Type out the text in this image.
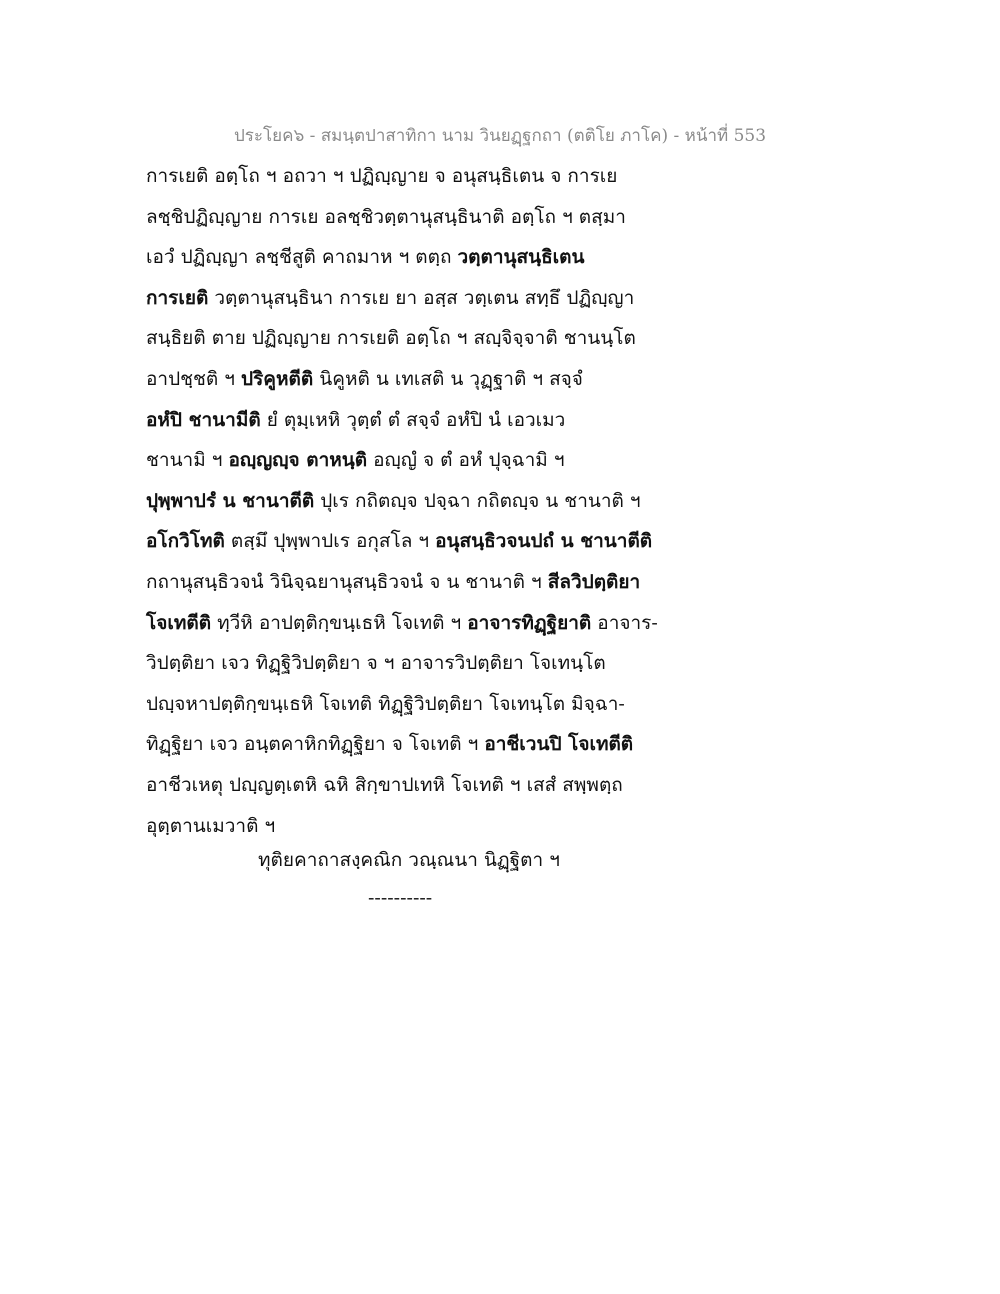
ประโยค๖ - สมนฺตปาสาทิกา นาม วินยฏฺฐกถา (ตติโย ภาโค) - หน้าที่ 553
การเยติ อตฺโถ ฯ อถวา ฯ ปฏิญฺญาย จ อนุสนฺธิเตน จ การเย
ลชฺชิปฏิญฺญาย การเย อลชฺชิวตฺตานุสนฺธินาติ อตฺโถ ฯ ตสฺมา
เอวํ ปฏิญฺญา ลชฺชีสูติ คาถมาห ฯ ตตฺถ วตฺตานุสนฺธิเตน
การเยติ วตฺตานุสนฺธินา การเย ยา อสฺส วตฺเตน สทฺธึ ปฏิญฺญา
สนฺธิยติ ตาย ปฏิญฺญาย การเยติ อตฺโถ ฯ สญฺจิจฺจาติ ชานนฺโต
อาปชฺชติ ฯ ปริคูหตีติ นิคูหติ น เทเสติ น วุฏฺฐาติ ฯ สจฺจํ
อหํปิ ชานามีติ ยํ ตุมฺเหหิ วุตฺตํ ตํ สจฺจํ อหํปิ นํ เอวเมว
ชานามิ ฯ อญฺญญฺจ ตาหนฺติ อญฺญํ จ ตํ อหํ ปุจฺฉามิ ฯ
ปุพฺพาปรํ น ชานาตีติ ปุเร กถิตญฺจ ปจฺฉา กถิตญฺจ น ชานาติ ฯ
อโกวิโทติ ตสฺมึ ปุพฺพาปเร อกุสโล ฯ อนุสนฺธิวจนปถํ น ชานาตีติ
กถานุสนฺธิวจนํ วินิจฺฉยานุสนฺธิวจนํ จ น ชานาติ ฯ สีลวิปตฺติยา
โจเทตีติ ทฺวีหิ อาปตฺติกฺขนฺเธหิ โจเทติ ฯ อาจารทิฏฺฐิยาติ อาจาร-
วิปตฺติยา เจว ทิฏฺฐิวิปตฺติยา จ ฯ อาจารวิปตฺติยา โจเทนฺโต
ปญฺจหาปตฺติกฺขนฺเธหิ โจเทติ ทิฏฺฐิวิปตฺติยา โจเทนฺโต มิจฺฉา-
ทิฏฺฐิยา เจว อนฺตคาหิกทิฏฺฐิยา จ โจเทติ ฯ อาชีเวนปิ โจเทตีติ
อาชีวเหตุ ปญฺญตฺเตหิ ฉหิ สิกฺขาปเทหิ โจเทติ ฯ เสสํ สพฺพตฺถ
อุตฺตานเมวาติ ฯ
ทุติยคาถาสงฺคณิก วณฺณนา นิฏฺฐิตา ฯ
----------
